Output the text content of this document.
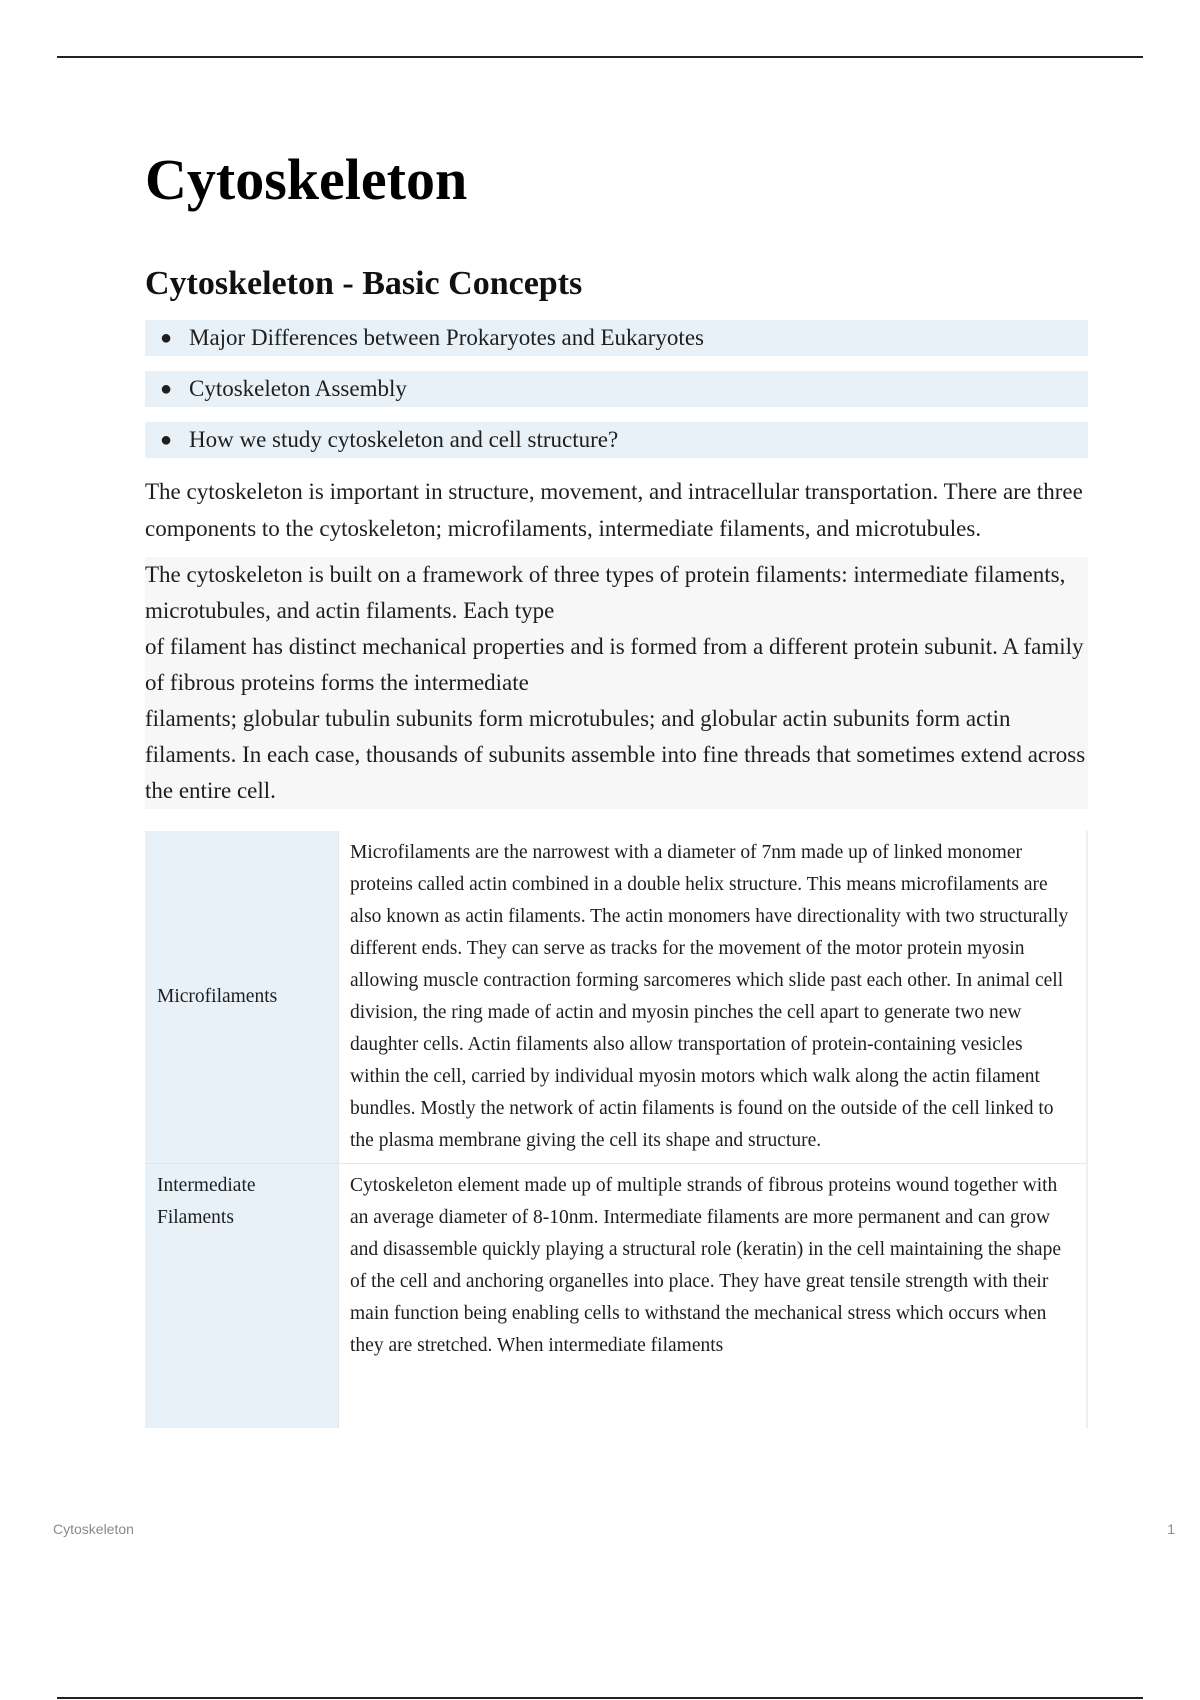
Cytoskeleton
Cytoskeleton - Basic Concepts
● Major Differences between Prokaryotes and Eukaryotes
● Cytoskeleton Assembly
● How we study cytoskeleton and cell structure?

The cytoskeleton is important in structure, movement, and intracellular transportation. There are three components to the cytoskeleton; microfilaments, intermediate filaments, and microtubules.

The cytoskeleton is built on a framework of three types of protein filaments: intermediate filaments, microtubules, and actin filaments. Each type
of filament has distinct mechanical properties and is formed from a different protein subunit. A family of fibrous proteins forms the intermediate
filaments; globular tubulin subunits form microtubules; and globular actin subunits form actin filaments. In each case, thousands of subunits assemble into fine threads that sometimes extend across the entire cell.
Microfilaments	Microfilaments are the narrowest with a diameter of 7nm made up of linked monomer proteins called actin combined in a double helix structure. This means microfilaments are also known as actin filaments. The actin monomers have directionality with two structurally different ends. They can serve as tracks for the movement of the motor protein myosin allowing muscle contraction forming sarcomeres which slide past each other. In animal cell division, the ring made of actin and myosin pinches the cell apart to generate two new daughter cells. Actin filaments also allow transportation of protein-containing vesicles within the cell, carried by individual myosin motors which walk along the actin filament bundles. Mostly the network of actin filaments is found on the outside of the cell linked to the plasma membrane giving the cell its shape and structure.
Intermediate Filaments	Cytoskeleton element made up of multiple strands of fibrous proteins wound together with an average diameter of 8-10nm. Intermediate filaments are more permanent and can grow and disassemble quickly playing a structural role (keratin) in the cell maintaining the shape of the cell and anchoring organelles into place. They have great tensile strength with their main function being enabling cells to withstand the mechanical stress which occurs when they are stretched. When intermediate filaments
Cytoskeleton	1
